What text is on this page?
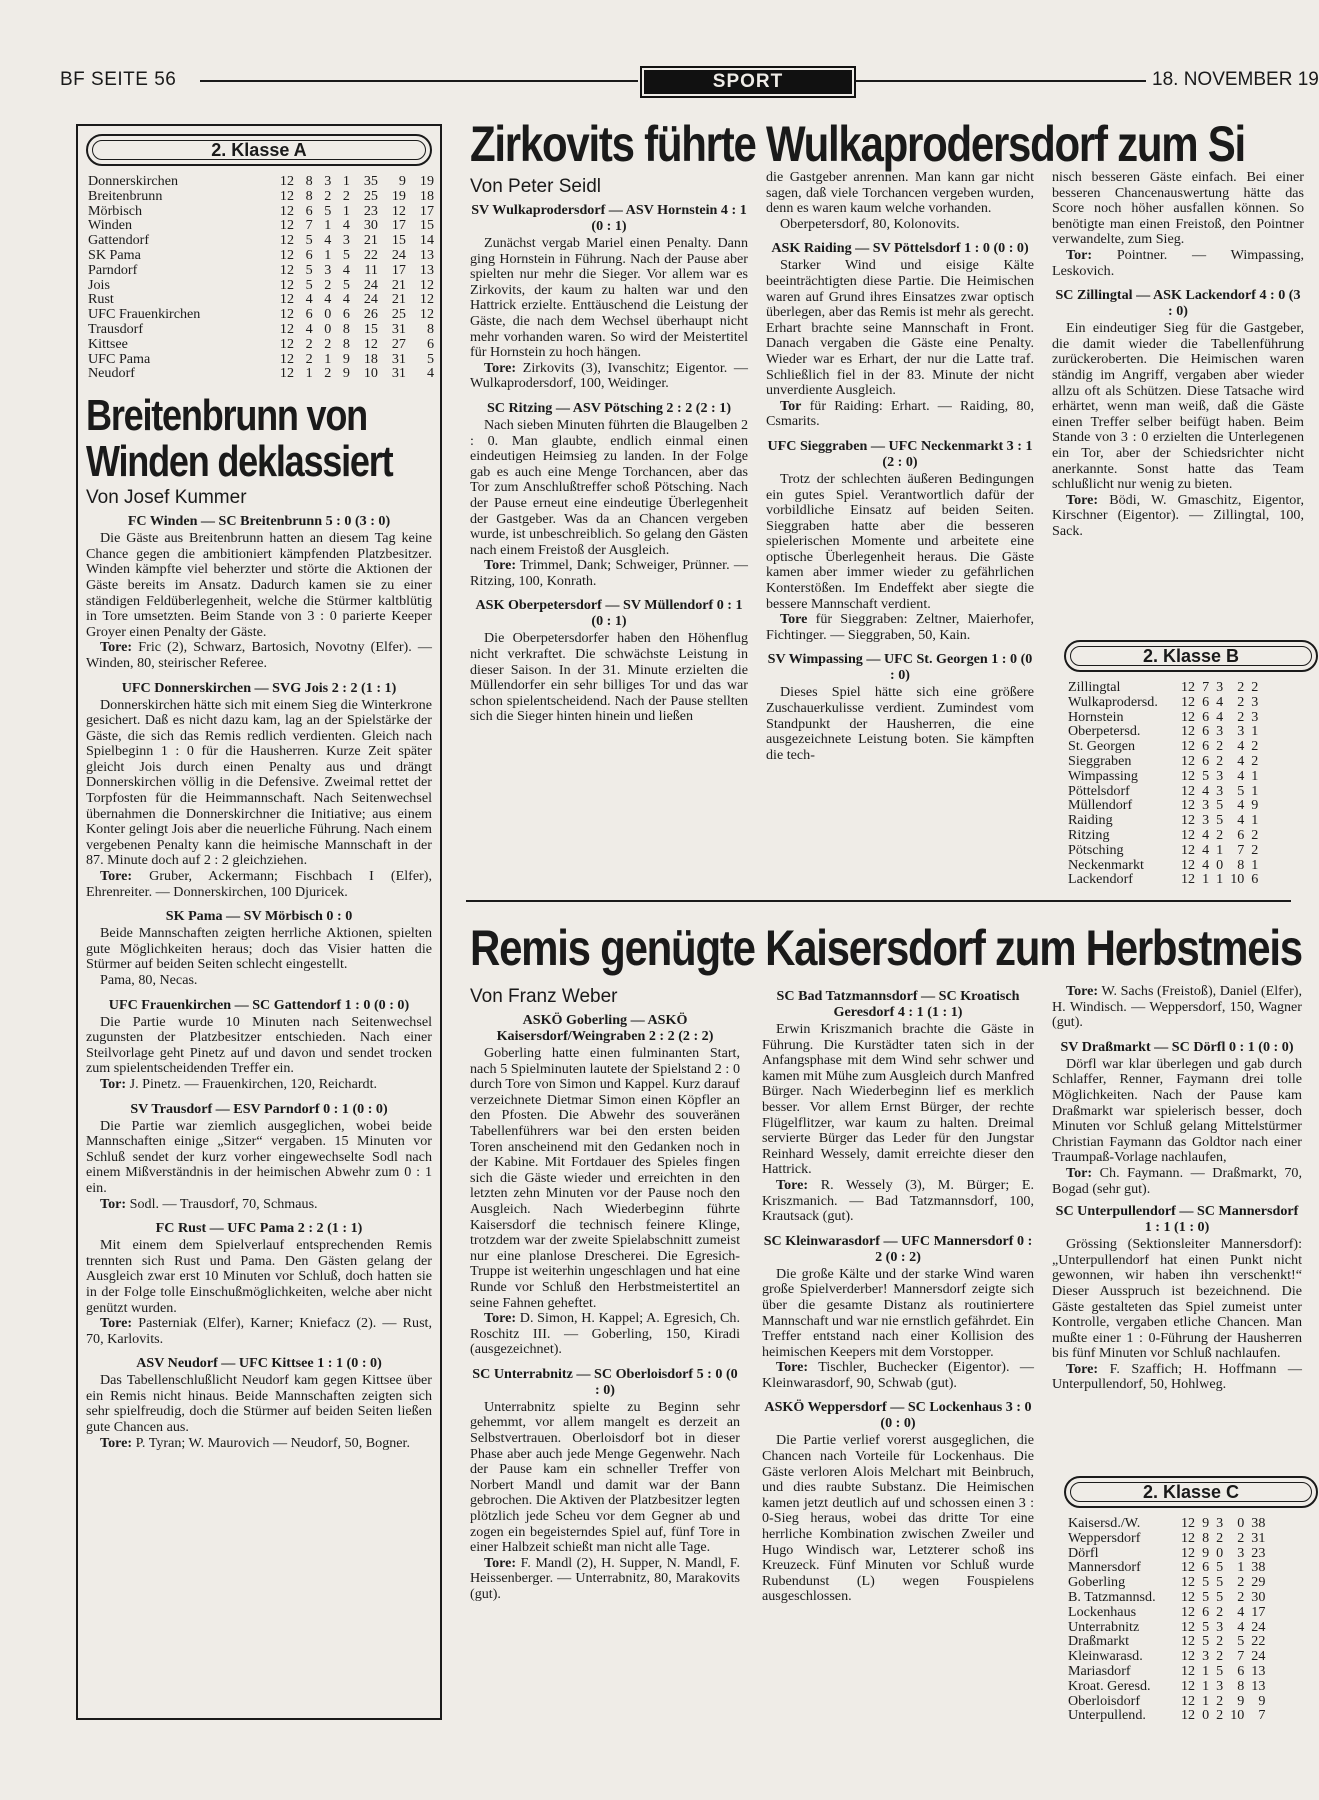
BF SEITE 56	SPORT	18. NOVEMBER 19
2. Klasse A
Donnerskirchen	12	8	3	1	35	9	19
Breitenbrunn	12	8	2	2	25	19	18
Mörbisch	12	6	5	1	23	12	17
Winden	12	7	1	4	30	17	15
Gattendorf	12	5	4	3	21	15	14
SK Pama	12	6	1	5	22	24	13
Parndorf	12	5	3	4	11	17	13
Jois	12	5	2	5	24	21	12
Rust	12	4	4	4	24	21	12
UFC Frauenkirchen	12	6	0	6	26	25	12
Trausdorf	12	4	0	8	15	31	8
Kittsee	12	2	2	8	12	27	6
UFC Pama	12	2	1	9	18	31	5
Neudorf	12	1	2	9	10	31	4
Breitenbrunn von
Winden deklassiert
Von Josef Kummer
FC Winden — SC Breitenbrunn 5 : 0 (3 : 0)

Die Gäste aus Breitenbrunn hatten an diesem Tag keine Chance gegen die ambitioniert kämpfenden Platzbesitzer. Winden kämpfte viel beherzter und störte die Aktionen der Gäste bereits im Ansatz. Dadurch kamen sie zu einer ständigen Feldüberlegenheit, welche die Stürmer kaltblütig in Tore umsetzten. Beim Stande von 3 : 0 parierte Keeper Groyer einen Penalty der Gäste.

Tore: Fric (2), Schwarz, Bartosich, Novotny (Elfer). — Winden, 80, steirischer Referee.

UFC Donnerskirchen — SVG Jois 2 : 2 (1 : 1)

Donnerskirchen hätte sich mit einem Sieg die Winterkrone gesichert. Daß es nicht dazu kam, lag an der Spielstärke der Gäste, die sich das Remis redlich verdienten. Gleich nach Spielbeginn 1 : 0 für die Hausherren. Kurze Zeit später gleicht Jois durch einen Penalty aus und drängt Donnerskirchen völlig in die Defensive. Zweimal rettet der Torpfosten für die Heimmannschaft. Nach Seitenwechsel übernahmen die Donnerskirchner die Initiative; aus einem Konter gelingt Jois aber die neuerliche Führung. Nach einem vergebenen Penalty kann die heimische Mannschaft in der 87. Minute doch auf 2 : 2 gleichziehen.

Tore: Gruber, Ackermann; Fischbach I (Elfer), Ehrenreiter. — Donnerskirchen, 100 Djuricek.

SK Pama — SV Mörbisch 0 : 0

Beide Mannschaften zeigten herrliche Aktionen, spielten gute Möglichkeiten heraus; doch das Visier hatten die Stürmer auf beiden Seiten schlecht eingestellt.

Pama, 80, Necas.

UFC Frauenkirchen — SC Gattendorf 1 : 0 (0 : 0)

Die Partie wurde 10 Minuten nach Seitenwechsel zugunsten der Platzbesitzer entschieden. Nach einer Steilvorlage geht Pinetz auf und davon und sendet trocken zum spielentscheidenden Treffer ein.

Tor: J. Pinetz. — Frauenkirchen, 120, Reichardt.

SV Trausdorf — ESV Parndorf 0 : 1 (0 : 0)

Die Partie war ziemlich ausgeglichen, wobei beide Mannschaften einige „Sitzer“ vergaben. 15 Minuten vor Schluß sendet der kurz vorher eingewechselte Sodl nach einem Mißverständnis in der heimischen Abwehr zum 0 : 1 ein.

Tor: Sodl. — Trausdorf, 70, Schmaus.

FC Rust — UFC Pama 2 : 2 (1 : 1)

Mit einem dem Spielverlauf entsprechenden Remis trennten sich Rust und Pama. Den Gästen gelang der Ausgleich zwar erst 10 Minuten vor Schluß, doch hatten sie in der Folge tolle Einschußmöglichkeiten, welche aber nicht genützt wurden.

Tore: Pasterniak (Elfer), Karner; Kniefacz (2). — Rust, 70, Karlovits.

ASV Neudorf — UFC Kittsee 1 : 1 (0 : 0)

Das Tabellenschlußlicht Neudorf kam gegen Kittsee über ein Remis nicht hinaus. Beide Mannschaften zeigten sich sehr spielfreudig, doch die Stürmer auf beiden Seiten ließen gute Chancen aus.

Tore: P. Tyran; W. Maurovich — Neudorf, 50, Bogner.

Zirkovits führte Wulkaprodersdorf zum Si
Von Peter Seidl
SV Wulkaprodersdorf — ASV Hornstein 4 : 1 (0 : 1)

Zunächst vergab Mariel einen Penalty. Dann ging Hornstein in Führung. Nach der Pause aber spielten nur mehr die Sieger. Vor allem war es Zirkovits, der kaum zu halten war und den Hattrick erzielte. Enttäuschend die Leistung der Gäste, die nach dem Wechsel überhaupt nicht mehr vorhanden waren. So wird der Meistertitel für Hornstein zu hoch hängen.

Tore: Zirkovits (3), Ivanschitz; Eigentor. — Wulkaprodersdorf, 100, Weidinger.

SC Ritzing — ASV Pötsching 2 : 2 (2 : 1)

Nach sieben Minuten führten die Blaugelben 2 : 0. Man glaubte, endlich einmal einen eindeutigen Heimsieg zu landen. In der Folge gab es auch eine Menge Torchancen, aber das Tor zum Anschlußtreffer schoß Pötsching. Nach der Pause erneut eine eindeutige Überlegenheit der Gastgeber. Was da an Chancen vergeben wurde, ist unbeschreiblich. So gelang den Gästen nach einem Freistoß der Ausgleich.

Tore: Trimmel, Dank; Schweiger, Prünner. — Ritzing, 100, Konrath.

ASK Oberpetersdorf — SV Müllendorf 0 : 1 (0 : 1)

Die Oberpetersdorfer haben den Höhenflug nicht verkraftet. Die schwächste Leistung in dieser Saison. In der 31. Minute erzielten die Müllendorfer ein sehr billiges Tor und das war schon spielentscheidend. Nach der Pause stellten sich die Sieger hinten hinein und ließen

die Gastgeber anrennen. Man kann gar nicht sagen, daß viele Torchancen vergeben wurden, denn es waren kaum welche vorhanden.

Oberpetersdorf, 80, Kolonovits.

ASK Raiding — SV Pöttelsdorf 1 : 0 (0 : 0)

Starker Wind und eisige Kälte beeinträchtigten diese Partie. Die Heimischen waren auf Grund ihres Einsatzes zwar optisch überlegen, aber das Remis ist mehr als gerecht. Erhart brachte seine Mannschaft in Front. Danach vergaben die Gäste eine Penalty. Wieder war es Erhart, der nur die Latte traf. Schließlich fiel in der 83. Minute der nicht unverdiente Ausgleich.

Tor für Raiding: Erhart. — Raiding, 80, Csmarits.

UFC Sieggraben — UFC Neckenmarkt 3 : 1 (2 : 0)

Trotz der schlechten äußeren Bedingungen ein gutes Spiel. Verantwortlich dafür der vorbildliche Einsatz auf beiden Seiten. Sieggraben hatte aber die besseren spielerischen Momente und arbeitete eine optische Überlegenheit heraus. Die Gäste kamen aber immer wieder zu gefährlichen Konterstößen. Im Endeffekt aber siegte die bessere Mannschaft verdient.

Tore für Sieggraben: Zeltner, Maierhofer, Fichtinger. — Sieggraben, 50, Kain.

SV Wimpassing — UFC St. Georgen 1 : 0 (0 : 0)

Dieses Spiel hätte sich eine größere Zuschauerkulisse verdient. Zumindest vom Standpunkt der Hausherren, die eine ausgezeichnete Leistung boten. Sie kämpften die tech-

nisch besseren Gäste einfach. Bei einer besseren Chancenauswertung hätte das Score noch höher ausfallen können. So benötigte man einen Freistoß, den Pointner verwandelte, zum Sieg.

Tor: Pointner. — Wimpassing, Leskovich.

SC Zillingtal — ASK Lackendorf 4 : 0 (3 : 0)

Ein eindeutiger Sieg für die Gastgeber, die damit wieder die Tabellenführung zurückeroberten. Die Heimischen waren ständig im Angriff, vergaben aber wieder allzu oft als Schützen. Diese Tatsache wird erhärtet, wenn man weiß, daß die Gäste einen Treffer selber beifügt haben. Beim Stande von 3 : 0 erzielten die Unterlegenen ein Tor, aber der Schiedsrichter nicht anerkannte. Sonst hatte das Team schlußlicht nur wenig zu bieten.

Tore: Bödi, W. Gmaschitz, Eigentor, Kirschner (Eigentor). — Zillingtal, 100, Sack.

2. Klasse B
Zillingtal	12	7	3	2	2
Wulkaprodersd.	12	6	4	2	3
Hornstein	12	6	4	2	3
Oberpetersd.	12	6	3	3	1
St. Georgen	12	6	2	4	2
Sieggraben	12	6	2	4	2
Wimpassing	12	5	3	4	1
Pöttelsdorf	12	4	3	5	1
Müllendorf	12	3	5	4	9
Raiding	12	3	5	4	1
Ritzing	12	4	2	6	2
Pötsching	12	4	1	7	2
Neckenmarkt	12	4	0	8	1
Lackendorf	12	1	1	10	6
Remis genügte Kaisersdorf zum Herbstmeis
Von Franz Weber
ASKÖ Goberling — ASKÖ Kaisersdorf/Weingraben 2 : 2 (2 : 2)

Goberling hatte einen fulminanten Start, nach 5 Spielminuten lautete der Spielstand 2 : 0 durch Tore von Simon und Kappel. Kurz darauf verzeichnete Dietmar Simon einen Köpfler an den Pfosten. Die Abwehr des souveränen Tabellenführers war bei den ersten beiden Toren anscheinend mit den Gedanken noch in der Kabine. Mit Fortdauer des Spieles fingen sich die Gäste wieder und erreichten in den letzten zehn Minuten vor der Pause noch den Ausgleich. Nach Wiederbeginn führte Kaisersdorf die technisch feinere Klinge, trotzdem war der zweite Spielabschnitt zumeist nur eine planlose Drescherei. Die Egresich-Truppe ist weiterhin ungeschlagen und hat eine Runde vor Schluß den Herbstmeistertitel an seine Fahnen geheftet.

Tore: D. Simon, H. Kappel; A. Egresich, Ch. Roschitz III. — Goberling, 150, Kiradi (ausgezeichnet).

SC Unterrabnitz — SC Oberloisdorf 5 : 0 (0 : 0)

Unterrabnitz spielte zu Beginn sehr gehemmt, vor allem mangelt es derzeit an Selbstvertrauen. Oberloisdorf bot in dieser Phase aber auch jede Menge Gegenwehr. Nach der Pause kam ein schneller Treffer von Norbert Mandl und damit war der Bann gebrochen. Die Aktiven der Platzbesitzer legten plötzlich jede Scheu vor dem Gegner ab und zogen ein begeisterndes Spiel auf, fünf Tore in einer Halbzeit schießt man nicht alle Tage.

Tore: F. Mandl (2), H. Supper, N. Mandl, F. Heissenberger. — Unterrabnitz, 80, Marakovits (gut).

SC Bad Tatzmannsdorf — SC Kroatisch Geresdorf 4 : 1 (1 : 1)

Erwin Kriszmanich brachte die Gäste in Führung. Die Kurstädter taten sich in der Anfangsphase mit dem Wind sehr schwer und kamen mit Mühe zum Ausgleich durch Manfred Bürger. Nach Wiederbeginn lief es merklich besser. Vor allem Ernst Bürger, der rechte Flügelflitzer, war kaum zu halten. Dreimal servierte Bürger das Leder für den Jungstar Reinhard Wessely, damit erreichte dieser den Hattrick.

Tore: R. Wessely (3), M. Bürger; E. Kriszmanich. — Bad Tatzmannsdorf, 100, Krautsack (gut).

SC Kleinwarasdorf — UFC Mannersdorf 0 : 2 (0 : 2)

Die große Kälte und der starke Wind waren große Spielverderber! Mannersdorf zeigte sich über die gesamte Distanz als routiniertere Mannschaft und war nie ernstlich gefährdet. Ein Treffer entstand nach einer Kollision des heimischen Keepers mit dem Vorstopper.

Tore: Tischler, Buchecker (Eigentor). — Kleinwarasdorf, 90, Schwab (gut).

ASKÖ Weppersdorf — SC Lockenhaus 3 : 0 (0 : 0)

Die Partie verlief vorerst ausgeglichen, die Chancen nach Vorteile für Lockenhaus. Die Gäste verloren Alois Melchart mit Beinbruch, und dies raubte Substanz. Die Heimischen kamen jetzt deutlich auf und schossen einen 3 : 0-Sieg heraus, wobei das dritte Tor eine herrliche Kombination zwischen Zweiler und Hugo Windisch war, Letzterer schoß ins Kreuzeck. Fünf Minuten vor Schluß wurde Rubendunst (L) wegen Fouspielens ausgeschlossen.

Tore: W. Sachs (Freistoß), Daniel (Elfer), H. Windisch. — Weppersdorf, 150, Wagner (gut).

SV Draßmarkt — SC Dörfl 0 : 1 (0 : 0)

Dörfl war klar überlegen und gab durch Schlaffer, Renner, Faymann drei tolle Möglichkeiten. Nach der Pause kam Draßmarkt war spielerisch besser, doch Minuten vor Schluß gelang Mittelstürmer Christian Faymann das Goldtor nach einer Traumpaß-Vorlage nachlaufen,

Tor: Ch. Faymann. — Draßmarkt, 70, Bogad (sehr gut).

SC Unterpullendorf — SC Mannersdorf 1 : 1 (1 : 0)

Grössing (Sektionsleiter Mannersdorf): „Unterpullendorf hat einen Punkt nicht gewonnen, wir haben ihn verschenkt!“ Dieser Ausspruch ist bezeichnend. Die Gäste gestalteten das Spiel zumeist unter Kontrolle, vergaben etliche Chancen. Man mußte einer 1 : 0-Führung der Hausherren bis fünf Minuten vor Schluß nachlaufen.

Tore: F. Szaffich; H. Hoffmann — Unterpullendorf, 50, Hohlweg.

2. Klasse C
Kaisersd./W.	12	9	3	0	38
Weppersdorf	12	8	2	2	31
Dörfl	12	9	0	3	23
Mannersdorf	12	6	5	1	38
Goberling	12	5	5	2	29
B. Tatzmannsd.	12	5	5	2	30
Lockenhaus	12	6	2	4	17
Unterrabnitz	12	5	3	4	24
Draßmarkt	12	5	2	5	22
Kleinwarasd.	12	3	2	7	24
Mariasdorf	12	1	5	6	13
Kroat. Geresd.	12	1	3	8	13
Oberloisdorf	12	1	2	9	9
Unterpullend.	12	0	2	10	7
